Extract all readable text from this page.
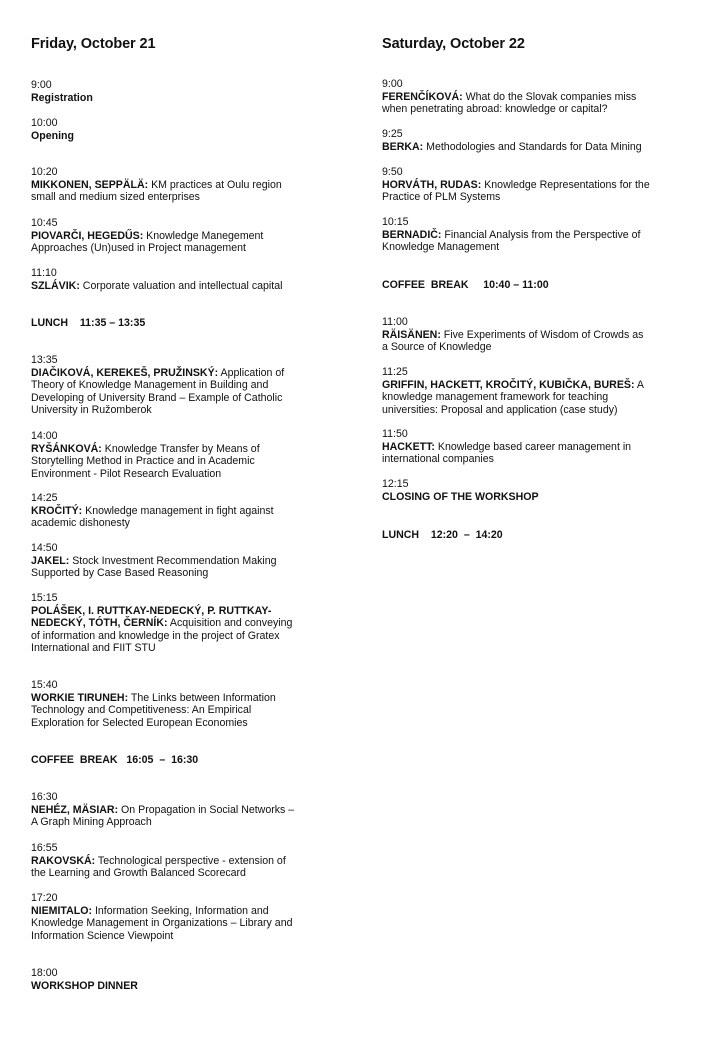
Friday, October 21
9:00
Registration
10:00
Opening
10:20
MIKKONEN, SEPPÄLÄ: KM practices at Oulu region
small and medium sized enterprises
10:45
PIOVARČI, HEGEDŰS: Knowledge Manegement
Approaches (Un)used in Project management
11:10
SZLÁVIK: Corporate valuation and intellectual capital
LUNCH    11:35 – 13:35
13:35
DIAČIKOVÁ, KEREKEŠ, PRUŽINSKÝ: Application of
Theory of Knowledge Management in Building and
Developing of University Brand – Example of Catholic
University in Ružomberok
14:00
RYŠÁNKOVÁ: Knowledge Transfer by Means of
Storytelling Method in Practice and in Academic
Environment - Pilot Research Evaluation
14:25
KROČITÝ: Knowledge management in fight against
academic dishonesty
14:50
JAKEL: Stock Investment Recommendation Making
Supported by Case Based Reasoning
15:15
POLÁŠEK, I. RUTTKAY-NEDECKÝ, P. RUTTKAY-
NEDECKÝ, TÓTH, ČERNÍK: Acquisition and conveying
of information and knowledge in the project of Gratex
International and FIIT STU
15:40
WORKIE TIRUNEH: The Links between Information
Technology and Competitiveness: An Empirical
Exploration for Selected European Economies
COFFEE  BREAK   16:05  –  16:30
16:30
NEHÉZ, MÄSIAR: On Propagation in Social Networks –
A Graph Mining Approach
16:55
RAKOVSKÁ: Technological perspective - extension of
the Learning and Growth Balanced Scorecard
17:20
NIEMITALO: Information Seeking, Information and
Knowledge Management in Organizations – Library and
Information Science Viewpoint
18:00
WORKSHOP DINNER
Saturday, October 22
9:00
FERENČÍKOVÁ: What do the Slovak companies miss
when penetrating abroad: knowledge or capital?
9:25
BERKA: Methodologies and Standards for Data Mining
9:50
HORVÁTH, RUDAS: Knowledge Representations for the
Practice of PLM Systems
10:15
BERNADIČ: Financial Analysis from the Perspective of
Knowledge Management
COFFEE  BREAK     10:40 – 11:00
11:00
RÄISÄNEN: Five Experiments of Wisdom of Crowds as
a Source of Knowledge
11:25
GRIFFIN, HACKETT, KROČITÝ, KUBIČKA, BUREŠ: A
knowledge management framework for teaching
universities: Proposal and application (case study)
11:50
HACKETT: Knowledge based career management in
international companies
12:15
CLOSING OF THE WORKSHOP
LUNCH    12:20  –  14:20
